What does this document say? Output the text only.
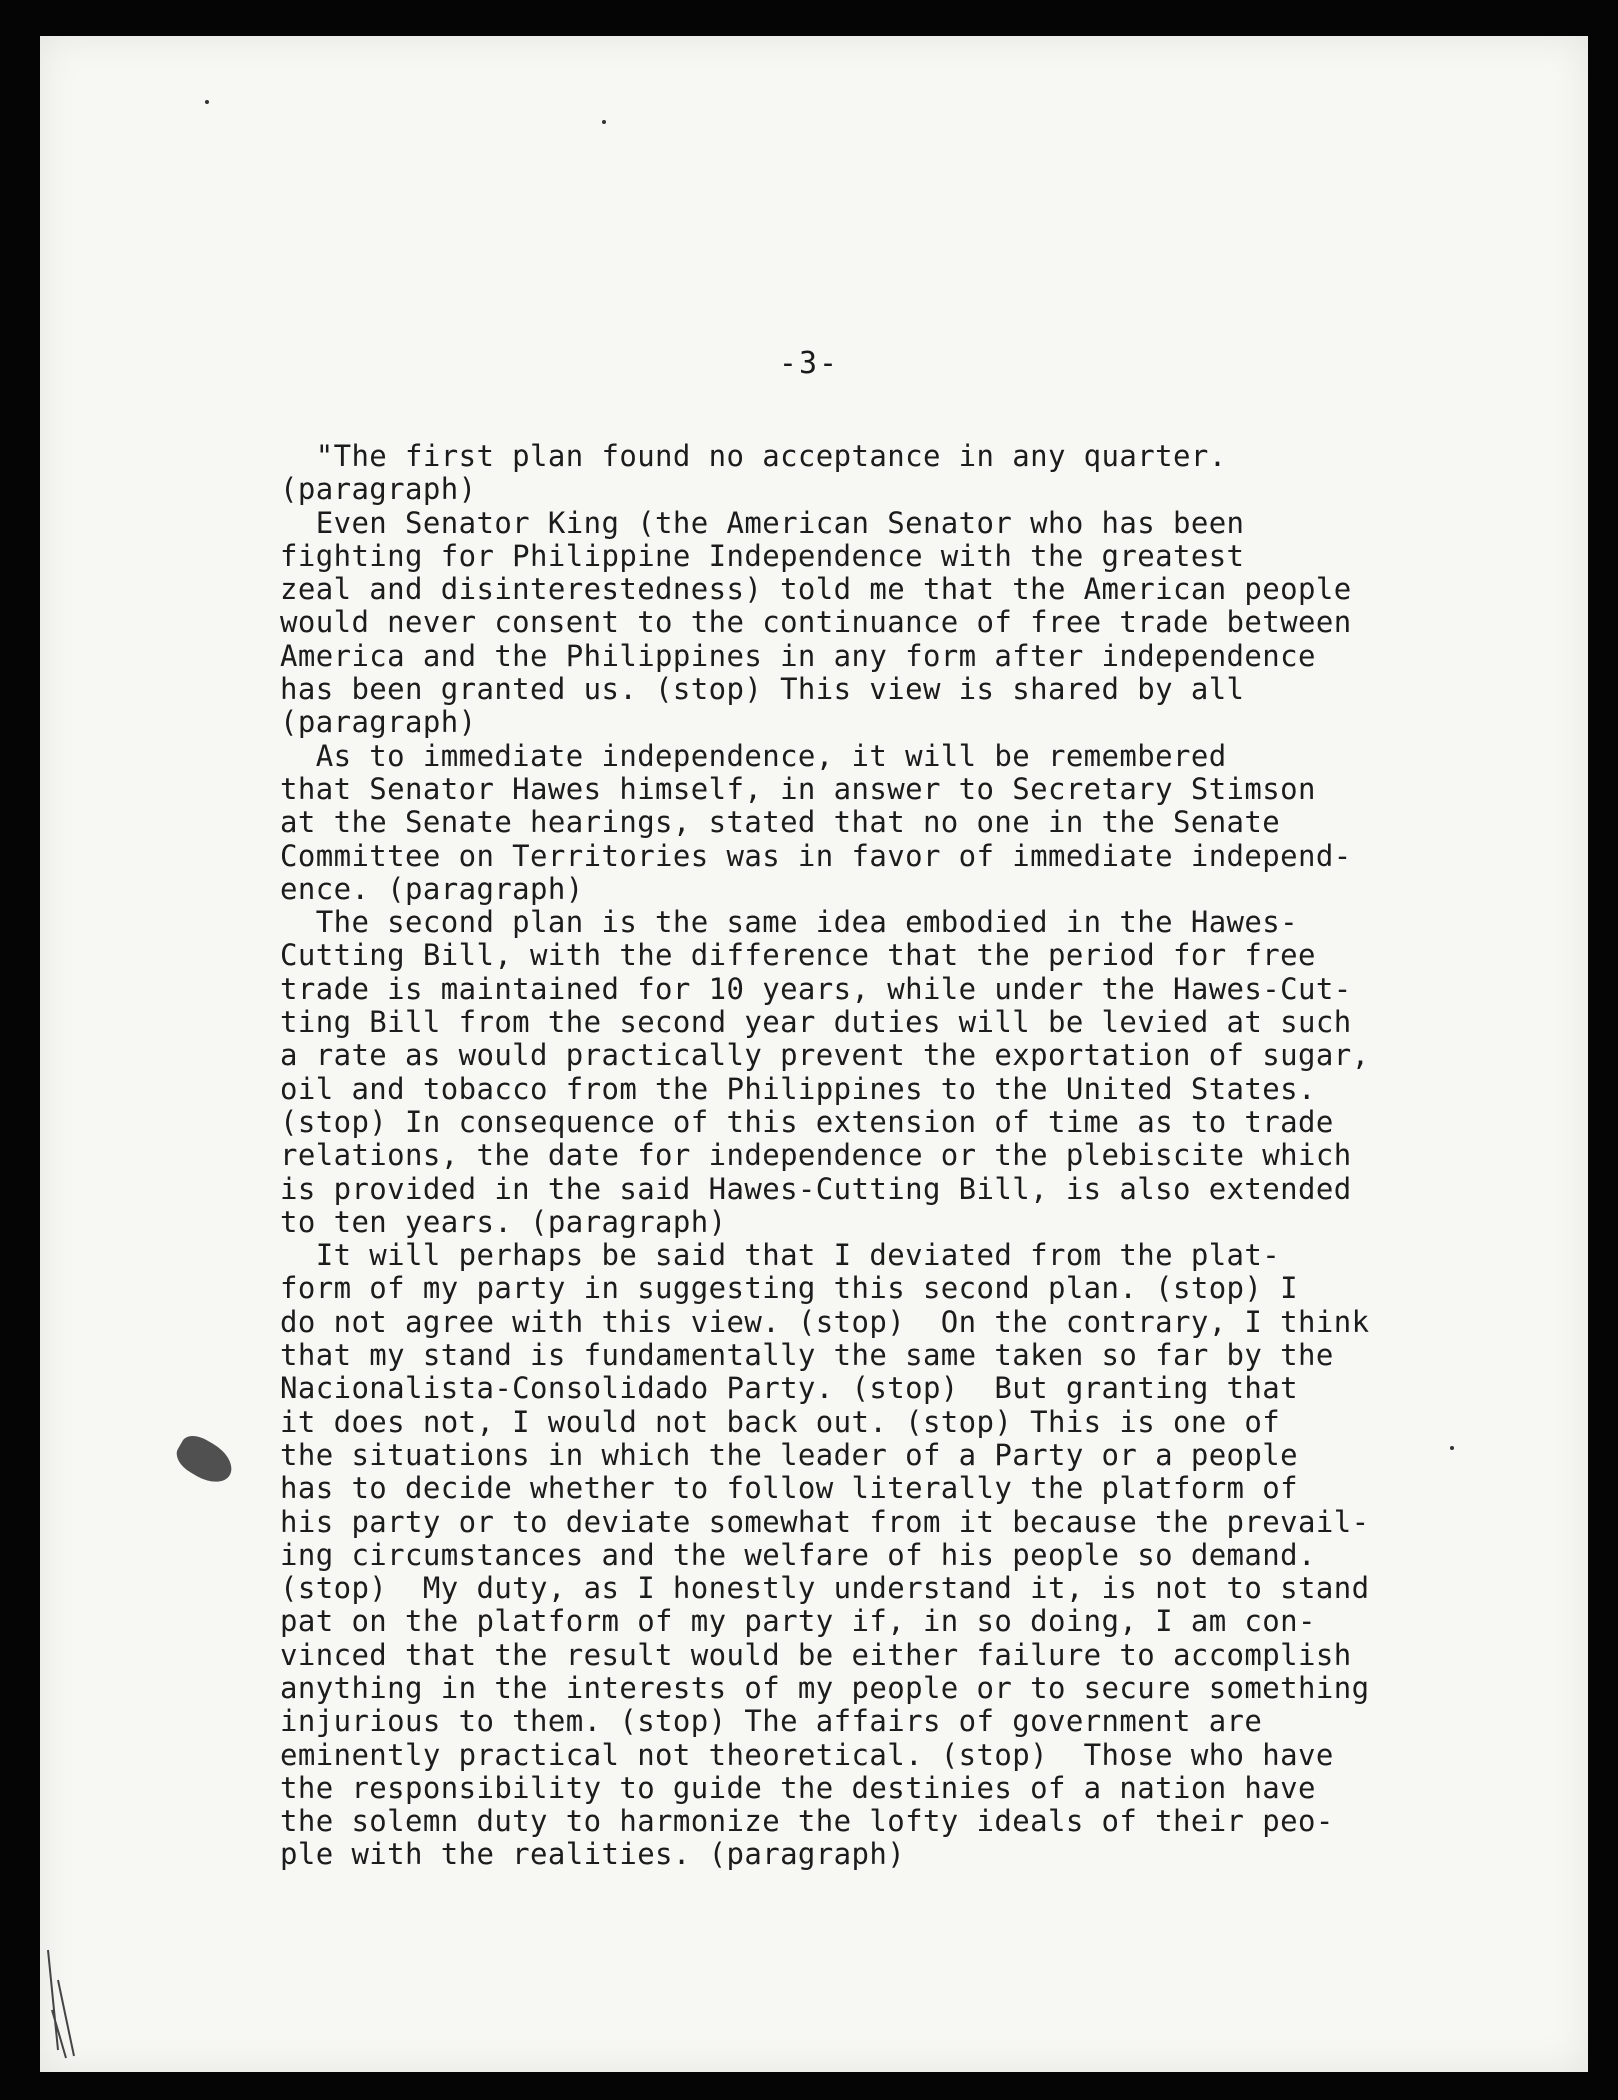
-3-
"The first plan found no acceptance in any quarter.
(paragraph)
Even Senator King (the American Senator who has been
fighting for Philippine Independence with the greatest
zeal and disinterestedness) told me that the American people
would never consent to the continuance of free trade between
America and the Philippines in any form after independence
has been granted us. (stop) This view is shared by all
(paragraph)
As to immediate independence, it will be remembered
that Senator Hawes himself, in answer to Secretary Stimson
at the Senate hearings, stated that no one in the Senate
Committee on Territories was in favor of immediate independ-
ence. (paragraph)
The second plan is the same idea embodied in the Hawes-
Cutting Bill, with the difference that the period for free
trade is maintained for 10 years, while under the Hawes-Cut-
ting Bill from the second year duties will be levied at such
a rate as would practically prevent the exportation of sugar,
oil and tobacco from the Philippines to the United States.
(stop) In consequence of this extension of time as to trade
relations, the date for independence or the plebiscite which
is provided in the said Hawes-Cutting Bill, is also extended
to ten years. (paragraph)
It will perhaps be said that I deviated from the plat-
form of my party in suggesting this second plan. (stop) I
do not agree with this view. (stop)  On the contrary, I think
that my stand is fundamentally the same taken so far by the
Nacionalista-Consolidado Party. (stop)  But granting that
it does not, I would not back out. (stop) This is one of
the situations in which the leader of a Party or a people
has to decide whether to follow literally the platform of
his party or to deviate somewhat from it because the prevail-
ing circumstances and the welfare of his people so demand.
(stop)  My duty, as I honestly understand it, is not to stand
pat on the platform of my party if, in so doing, I am con-
vinced that the result would be either failure to accomplish
anything in the interests of my people or to secure something
injurious to them. (stop) The affairs of government are
eminently practical not theoretical. (stop)  Those who have
the responsibility to guide the destinies of a nation have
the solemn duty to harmonize the lofty ideals of their peo-
ple with the realities. (paragraph)
